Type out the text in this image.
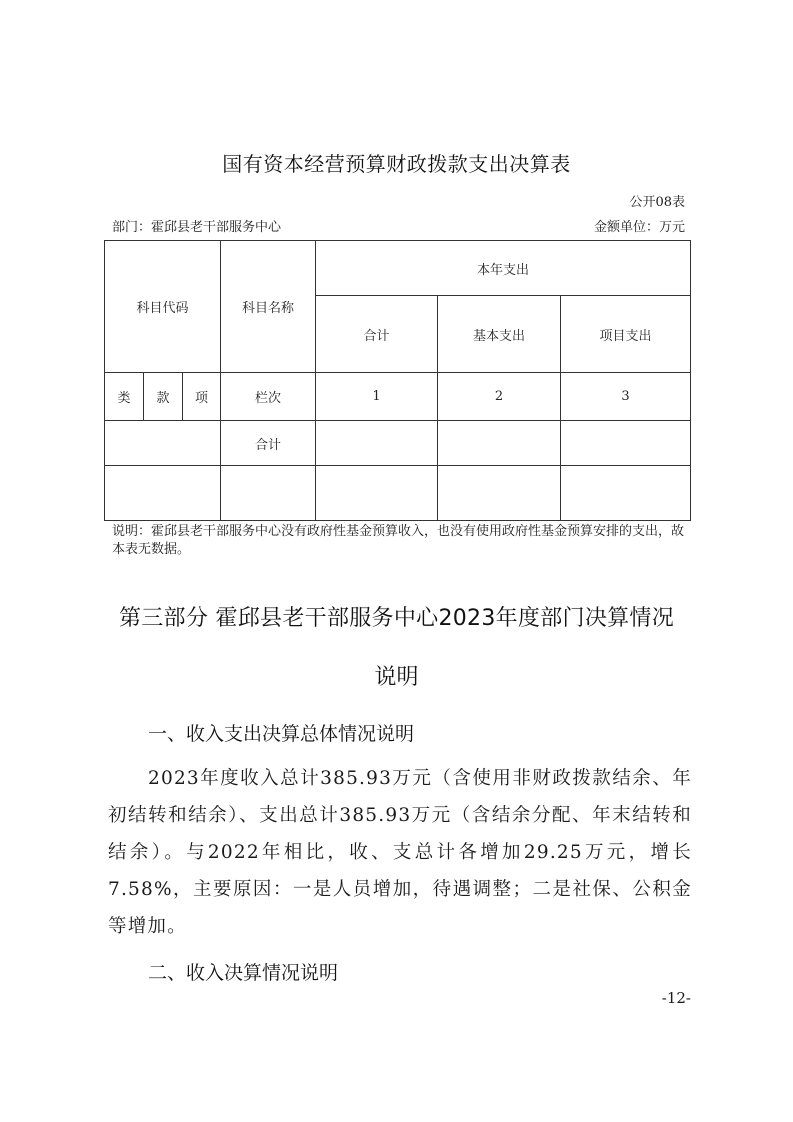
国有资本经营预算财政拨款支出决算表
公开08表
部门：霍邱县老干部服务中心	金额单位：万元
科目代码			科目名称	本年支出		
				合计	基本支出	项目支出
类	款	项	栏次	1	2	3
			合计			

说明：霍邱县老干部服务中心没有政府性基金预算收入，也没有使用政府性基金预算安排的支出，故本表无数据。
第三部分 霍邱县老干部服务中心2023年度部门决算情况
说明
一、收入支出决算总体情况说明
2023年度收入总计385.93万元（含使用非财政拨款结余、年初结转和结余）、支出总计385.93万元（含结余分配、年末结转和结余）。与2022年相比，收、支总计各增加29.25万元，增长7.58%，主要原因：一是人员增加，待遇调整；二是社保、公积金等增加。
二、收入决算情况说明
-12-
